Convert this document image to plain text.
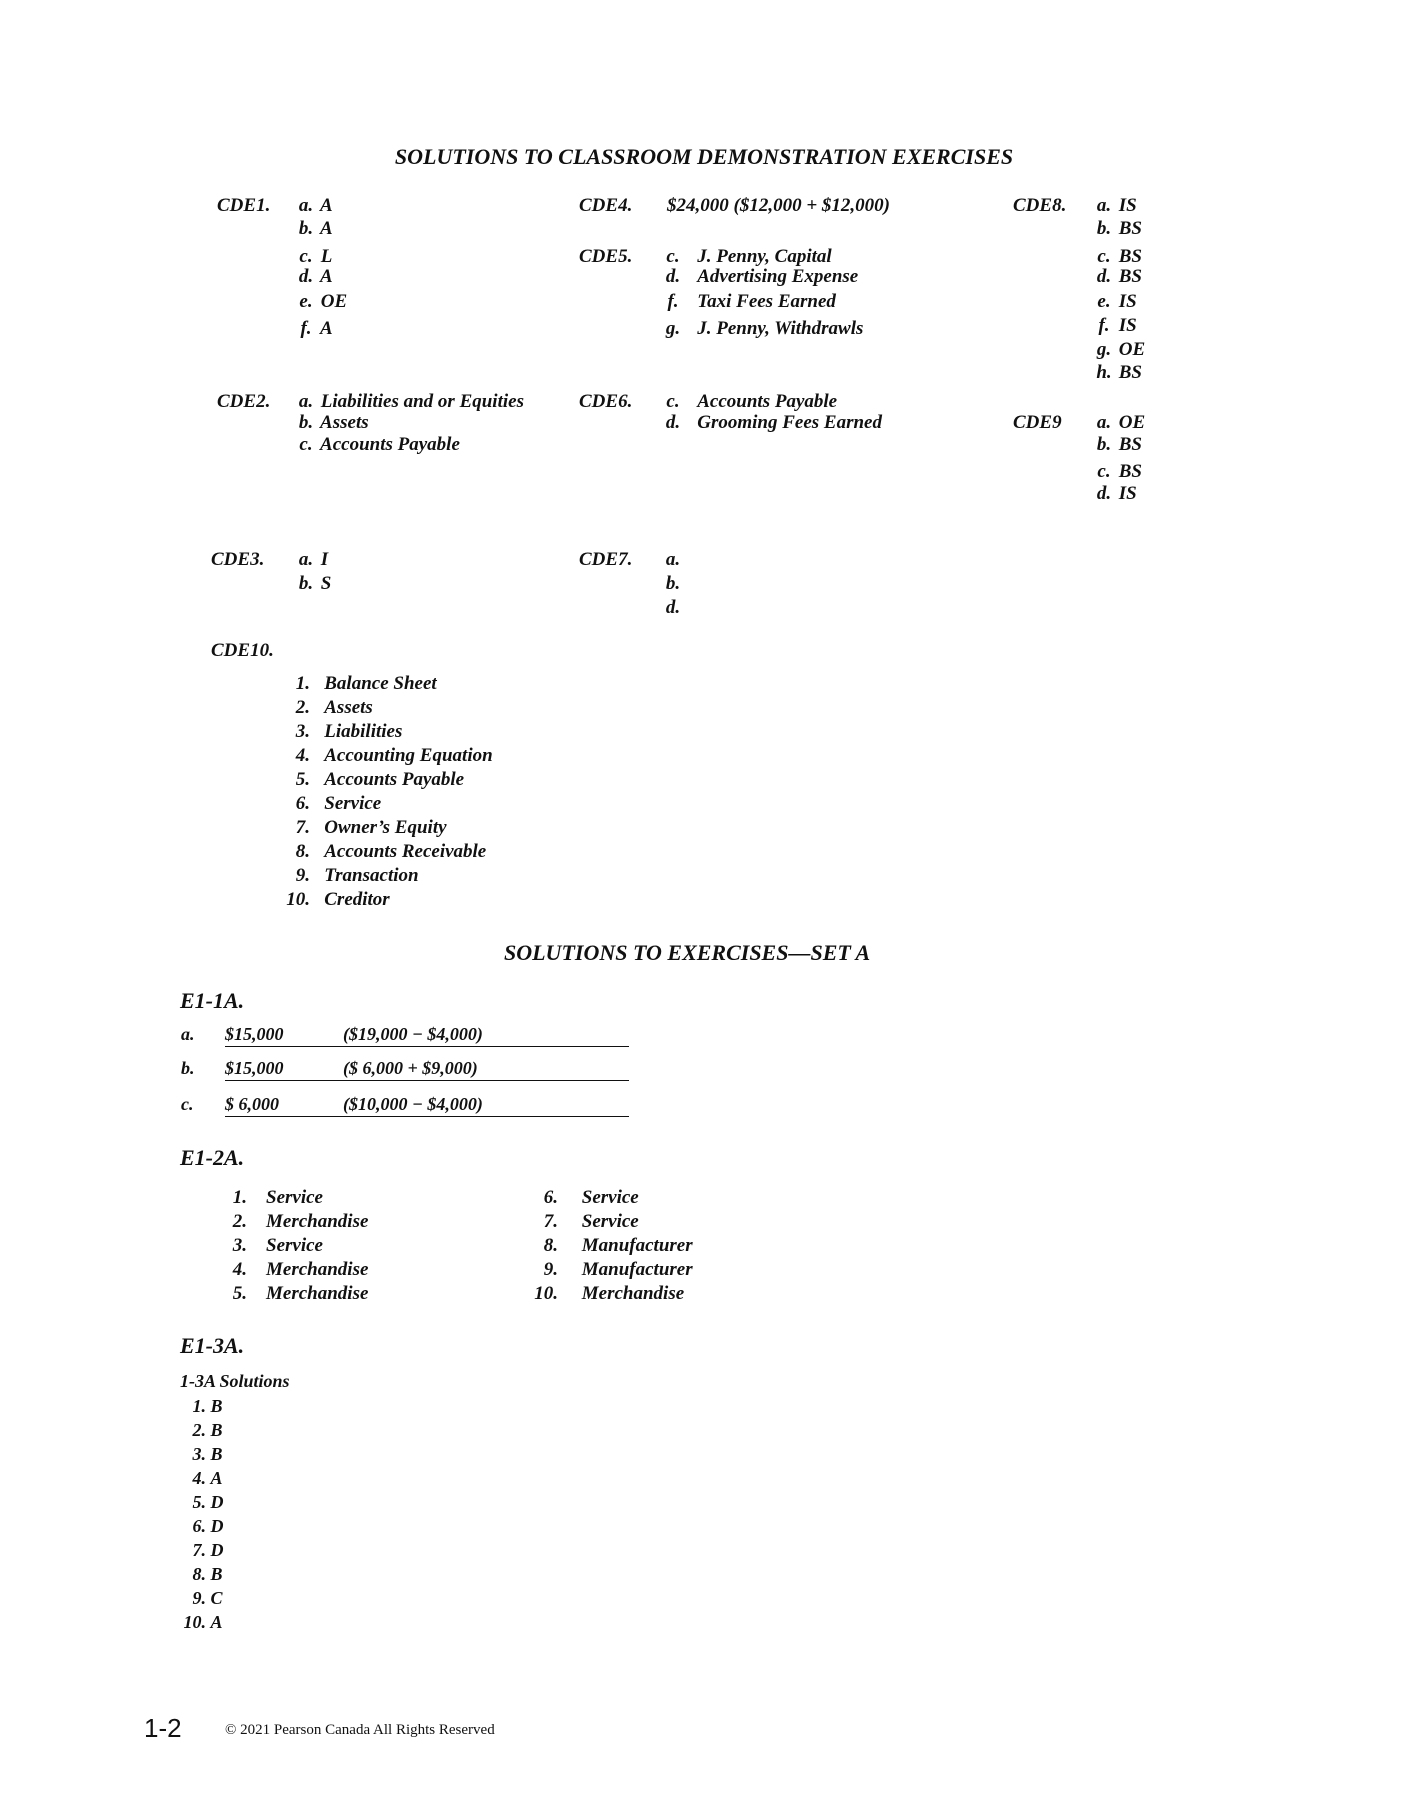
SOLUTIONS TO CLASSROOM DEMONSTRATION EXERCISES
CDE1. a. A
b. A
c. L
d. A
e. OE
f. A
CDE2. a. Liabilities and or Equities
b. Assets
c. Accounts Payable
CDE3. a. I
b. S
CDE4. $24,000 ($12,000 + $12,000)
CDE5. c. J. Penny, Capital
d. Advertising Expense
f. Taxi Fees Earned
g. J. Penny, Withdrawls
CDE6. c. Accounts Payable
d. Grooming Fees Earned
CDE7. a.
b.
d.
CDE8. a. IS
b. BS
c. BS
d. BS
e. IS
f. IS
g. OE
h. BS
CDE9 a. OE
b. BS
c. BS
d. IS
CDE10.
1. Balance Sheet
2. Assets
3. Liabilities
4. Accounting Equation
5. Accounts Payable
6. Service
7. Owner’s Equity
8. Accounts Receivable
9. Transaction
10. Creditor
SOLUTIONS TO EXERCISES—SET A
E1-1A.
a. $15,000	($19,000 − $4,000)
b. $15,000	($ 6,000 + $9,000)
c. $ 6,000	($10,000 − $4,000)
E1-2A.
1. Service
2. Merchandise
3. Service
4. Merchandise
5. Merchandise
6. Service
7. Service
8. Manufacturer
9. Manufacturer
10. Merchandise
E1-3A.
1-3A Solutions
1. B
2. B
3. B
4. A
5. D
6. D
7. D
8. B
9. C
10. A
1-2	© 2021 Pearson Canada All Rights Reserved
